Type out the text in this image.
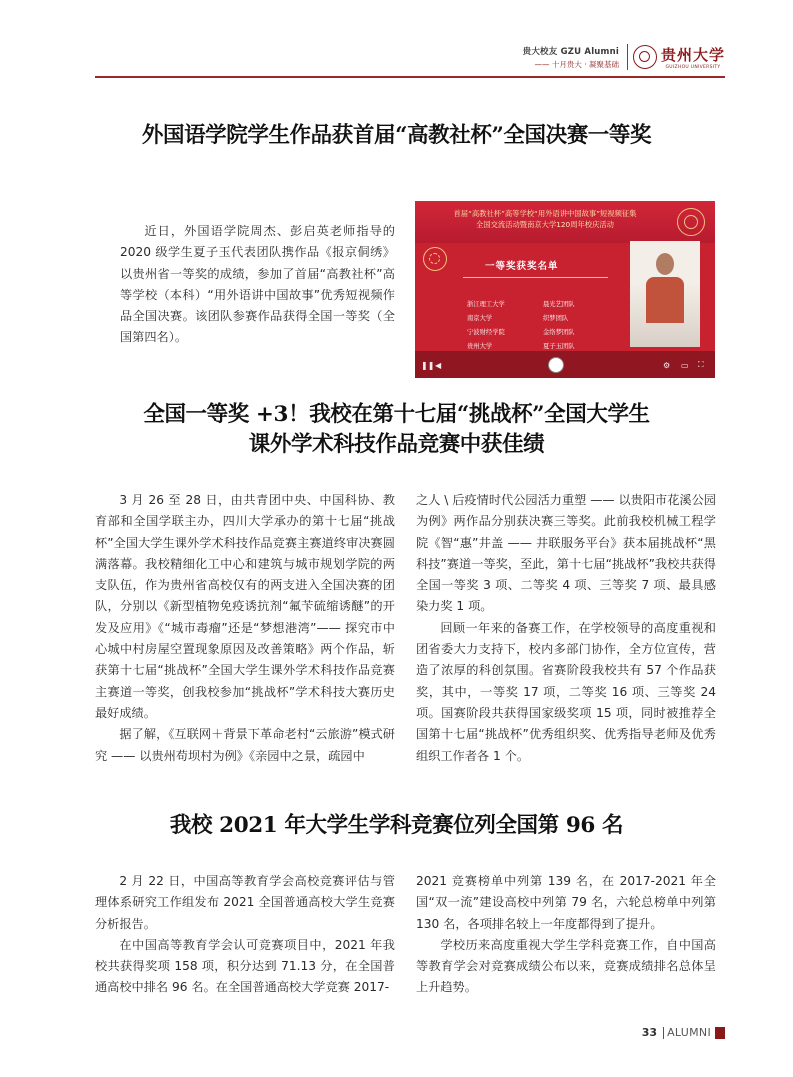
贵大校友 GZU Alumni
—— 十月贵大 · 凝聚基础	贵州大学
GUIZHOU UNIVERSITY
外国语学院学生作品获首届“高教社杯”全国决赛一等奖

近日，外国语学院周杰、彭启英老师指导的 2020 级学生夏子玉代表团队携作品《报京侗绣》以贵州省一等奖的成绩，参加了首届“高教社杯”高等学校（本科）“用外语讲中国故事”优秀短视频作品全国决赛。该团队参赛作品获得全国一等奖（全国第四名）。

首届“高教社杯”高等学校“用外语讲中国故事”短视频征集
全国交流活动暨南京大学120周年校庆活动
一等奖获奖名单
浙江理工大学	晨光艺团队
南京大学	织梦团队
宁波财经学院	金络梦团队
贵州大学	夏子玉团队
❚❚ ◀	⚙ ▭ ⛶
全国一等奖 +3！我校在第十七届“挑战杯”全国大学生
课外学术科技作品竞赛中获佳绩

3 月 26 至 28 日，由共青团中央、中国科协、教育部和全国学联主办，四川大学承办的第十七届“挑战杯”全国大学生课外学术科技作品竞赛主赛道终审决赛圆满落幕。我校精细化工中心和建筑与城市规划学院的两支队伍，作为贵州省高校仅有的两支进入全国决赛的团队，分别以《新型植物免疫诱抗剂“氟苄硫缩诱醚”的开发及应用》《“城市毒瘤”还是“梦想港湾”—— 探究市中心城中村房屋空置现象原因及改善策略》两个作品，斩获第十七届“挑战杯”全国大学生课外学术科技作品竞赛主赛道一等奖，创我校参加“挑战杯”学术科技大赛历史最好成绩。

据了解，《互联网＋背景下革命老村“云旅游”模式研究 —— 以贵州苟坝村为例》《亲园中之景，疏园中

之人 \ 后疫情时代公园活力重塑 —— 以贵阳市花溪公园为例》两作品分别获决赛三等奖。此前我校机械工程学院《智“惠”井盖 —— 井联服务平台》获本届挑战杯“黑科技”赛道一等奖，至此，第十七届“挑战杯”我校共获得全国一等奖 3 项、二等奖 4 项、三等奖 7 项、最具感染力奖 1 项。

回顾一年来的备赛工作，在学校领导的高度重视和团省委大力支持下，校内多部门协作，全方位宣传，营造了浓厚的科创氛围。省赛阶段我校共有 57 个作品获奖，其中，一等奖 17 项，二等奖 16 项、三等奖 24 项。国赛阶段共获得国家级奖项 15 项，同时被推荐全国第十七届“挑战杯”优秀组织奖、优秀指导老师及优秀组织工作者各 1 个。

我校 2021 年大学生学科竞赛位列全国第 96 名

2 月 22 日，中国高等教育学会高校竞赛评估与管理体系研究工作组发布 2021 全国普通高校大学生竞赛分析报告。

在中国高等教育学会认可竞赛项目中，2021 年我校共获得奖项 158 项，积分达到 71.13 分，在全国普通高校中排名 96 名。在全国普通高校大学竞赛 2017-

2021 竞赛榜单中列第 139 名，在 2017-2021 年全国“双一流”建设高校中列第 79 名，六轮总榜单中列第 130 名，各项排名较上一年度都得到了提升。

学校历来高度重视大学生学科竞赛工作，自中国高等教育学会对竞赛成绩公布以来，竞赛成绩排名总体呈上升趋势。

33 ALUMNI
